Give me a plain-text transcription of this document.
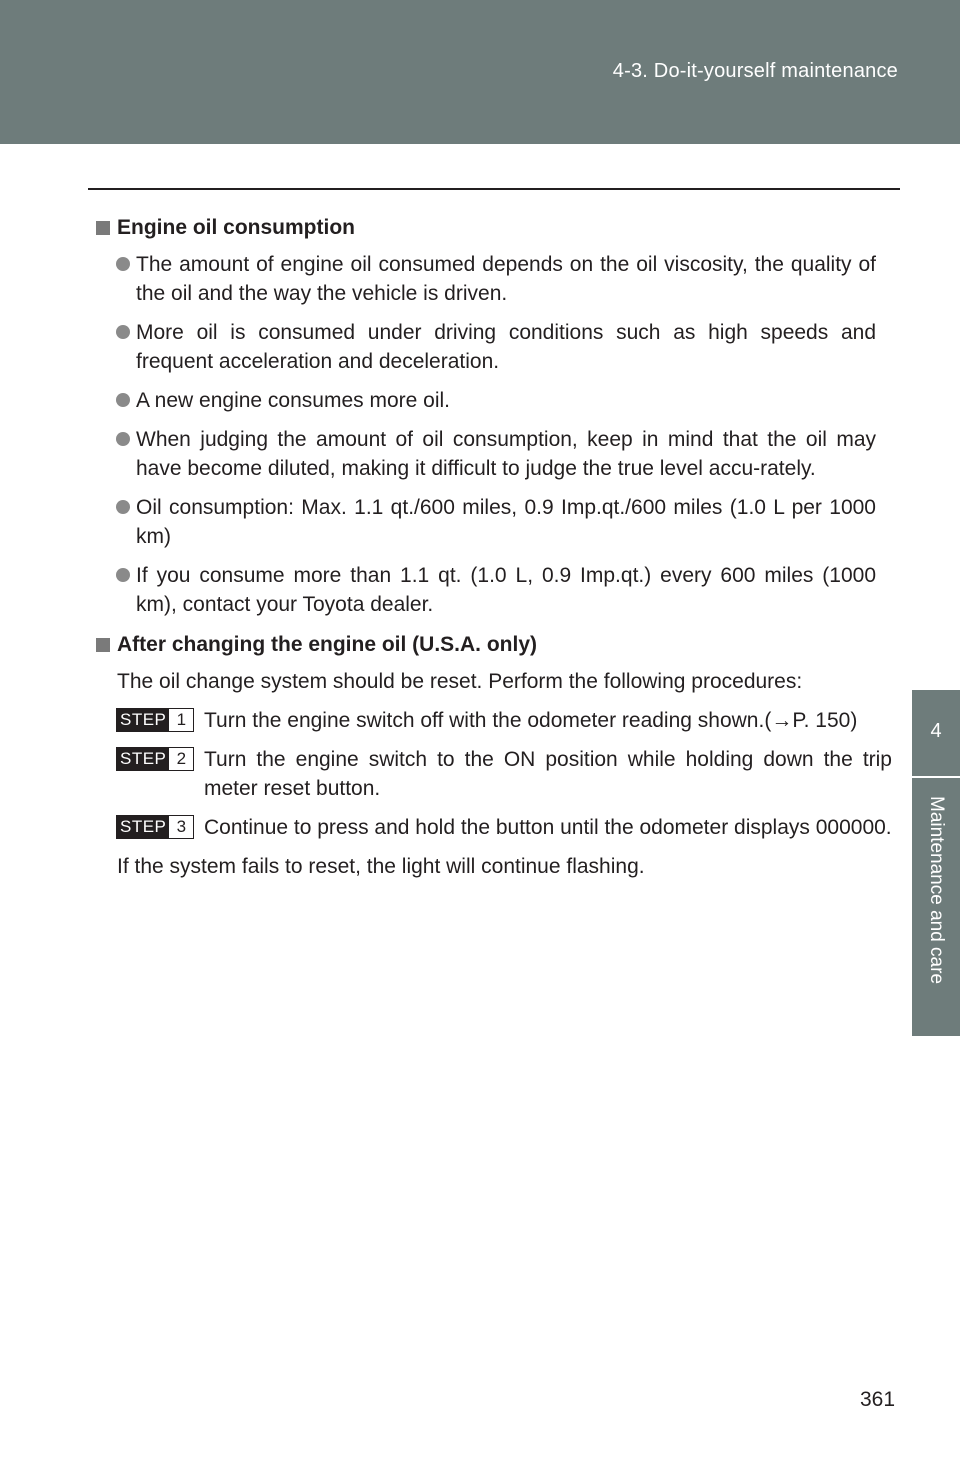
4-3. Do-it-yourself maintenance
4
Maintenance and care
Engine oil consumption
The amount of engine oil consumed depends on the oil viscosity, the quality of the oil and the way the vehicle is driven.
More oil is consumed under driving conditions such as high speeds and frequent acceleration and deceleration.
A new engine consumes more oil.
When judging the amount of oil consumption, keep in mind that the oil may have become diluted, making it difficult to judge the true level accu-rately.
Oil consumption: Max. 1.1 qt./600 miles, 0.9 Imp.qt./600 miles (1.0 L per 1000 km)
If you consume more than 1.1 qt. (1.0 L, 0.9 Imp.qt.) every 600 miles (1000 km), contact your Toyota dealer.
After changing the engine oil (U.S.A. only)
The oil change system should be reset. Perform the following procedures:
STEP 1 Turn the engine switch off with the odometer reading shown.(→P. 150)
STEP 2 Turn the engine switch to the ON position while holding down the trip meter reset button.
STEP 3 Continue to press and hold the button until the odometer displays 000000.
If the system fails to reset, the light will continue flashing.
361
